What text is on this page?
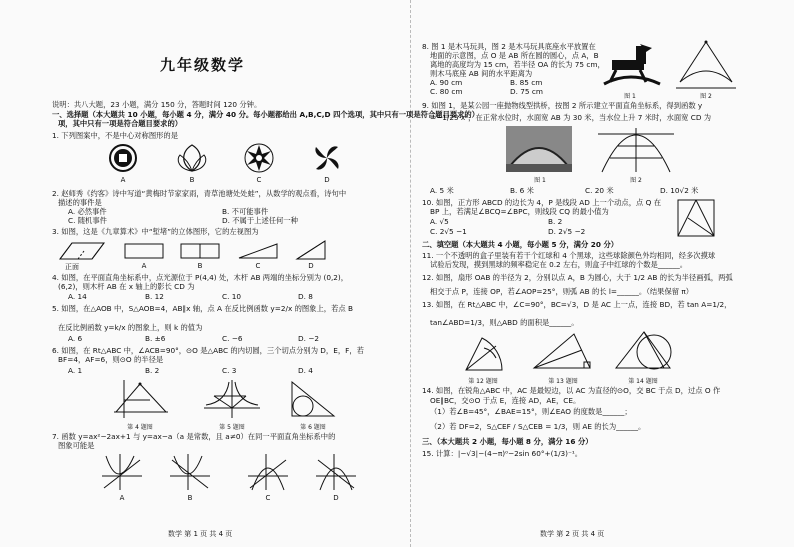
九年级数学
说明：共八大题，23 小题，满分 150 分，答题时间 120 分钟。
一、选择题（本大题共 10 小题，每小题 4 分，满分 40 分。每小题都给出 A,B,C,D 四个选项，其中只有一项是符合题目要求的）
项，其中只有一项是符合题目要求的）
1. 下列图案中，不是中心对称图形的是
A	B	C	D
2. 赵师秀《约客》诗中写道“黄梅时节家家雨，青草池塘处处蛙”，从数学的观点看，诗句中
描述的事件是
A. 必然事件	B. 不可能事件
C. 随机事件	D. 不属于上述任何一种
3. 如图，这是《九章算术》中“堑堵”的立体图形，它的左视图为
正面	A	B	C	D
4. 如图，在平面直角坐标系中，点光源位于 P(4,4) 处，木杆 AB 两端的坐标分别为 (0,2)，
(6,2)，则木杆 AB 在 x 轴上的影长 CD 为
A. 14	B. 12	C. 10	D. 8
5. 如图，在△AOB 中，S△AOB=4，AB∥x 轴，点 A 在反比例函数 y=2/x 的图象上，若点 B
在反比例函数 y=k/x 的图象上，则 k 的值为
A. 6	B. ±6	C. −6	D. −2
6. 如图，在 Rt△ABC 中，∠ACB=90°，⊙O 是△ABC 的内切圆，三个切点分别为 D，E，F，若
BF=4，AF=6，则⊙O 的半径是
A. 1	B. 2	C. 3	D. 4
第 4 题图	第 5 题图	第 6 题图
7. 函数 y=ax²−2ax+1 与 y=ax−a（a 是常数，且 a≠0）在同一平面直角坐标系中的
图象可能是
A	B	C	D
数学 第 1 页 共 4 页
8. 图 1 是木马玩具，图 2 是木马玩具底座水平放置在
地面的示意图，点 O 是 AB 所在圆的圆心，点 A，B
离地的高度均为 15 cm，若半径 OA 的长为 75 cm，
则木马底座 AB 间的水平距离为
A. 90 cm	B. 85 cm
C. 80 cm	D. 75 cm
图 1	图 2
9. 如图 1，是某公园一座抛物线型拱桥，按图 2 所示建立平面直角坐标系，得到函数 y
=−1/25 x²，在正常水位时，水面宽 AB 为 30 米，当水位上升 7 米时，水面宽 CD 为
图 1	图 2
A. 5 米	B. 6 米	C. 20 米	D. 10√2 米
10. 如图，正方形 ABCD 的边长为 4，P 是线段 AD 上一个动点，点 Q 在
BP 上，若满足∠BCQ=∠BPC，则线段 CQ 的最小值为
A. √5	B. 2
C. 2√5 −1	D. 2√5 −2
二、填空题（本大题共 4 小题，每小题 5 分，满分 20 分）
11. 一个不透明的盒子里装有若干个红球和 4 个黑球，这些球除颜色外均相同，经多次摸球
试验后发现，摸到黑球的频率稳定在 0.2 左右，则盒子中红球的个数是______。
12. 如图，扇形 OAB 的半径为 2，分别以点 A，B 为圆心，大于 1/2 AB 的长为半径画弧，两弧
相交于点 P，连接 OP，若∠AOP=25°，则弧 AB 的长 l=______。（结果保留 π）
13. 如图，在 Rt△ABC 中，∠C=90°，BC=√3，D 是 AC 上一点，连接 BD，若 tan A=1/2，
tan∠ABD=1/3，则△ABD 的面积是______。
第 12 题图	第 13 题图	第 14 题图
14. 如图，在锐角△ABC 中，AC 是最短边，以 AC 为直径的⊙O，交 BC 于点 D，过点 O 作
OE∥BC，交⊙O 于点 E，连接 AD，AE，CE。
（1）若∠B=45°，∠BAE=15°，则∠EAO 的度数是______；
（2）若 DF=2，S△CEF / S△CEB = 1/3，则 AE 的长为______。
三、（本大题共 2 小题，每小题 8 分，满分 16 分）
15. 计算：|−√3|−(4−π)⁰−2sin 60°+(1/3)⁻¹。
数学 第 2 页 共 4 页
